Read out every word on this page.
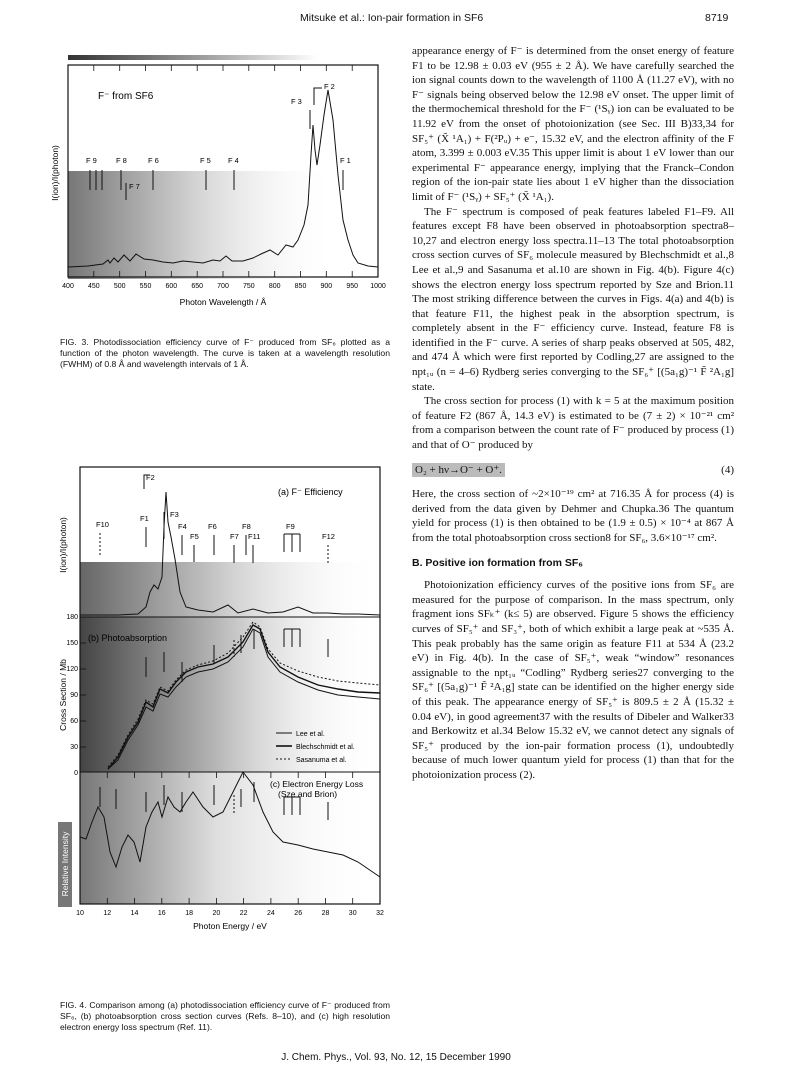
Mitsuke et al.: Ion-pair formation in SF6	8719
400 450 500 550 600 650 700 750 800 850 900 950 1000
Photon Wavelength / Å
I(ion)/I(photon)
F⁻ from SF6
F 9	F 8	F 6	F 5 F 4	F 1
F 7
F 3
F 2
FIG. 3. Photodissociation efficiency curve of F⁻ produced from SF₆ plotted as a function of the photon wavelength. The curve is taken at a wavelength resolution (FWHM) of 0.8 Å and wavelength intervals of 1 Å.
(a) F⁻ Efficiency
I(ion)/I(photon)	F10
F1	F3
F4
F5
F6
F7
F8
F11
F9
F12
F2
(b) Photoabsorption
Cross Section / Mb
180
150
120
90
60
30
0
Lee et al.
Blechschmidt et al.
Sasanuma et al.
(c) Electron Energy Loss
(Sze and Brion)
Relative Intensity
10	12	14	16	18	20	22	24	26	28	30	32
Photon Energy / eV
FIG. 4. Comparison among (a) photodissociation efficiency curve of F⁻ produced from SF₆, (b) photoabsorption cross section curves (Refs. 8–10), and (c) high resolution electron energy loss spectrum (Ref. 11).

appearance energy of F⁻ is determined from the onset energy of feature F1 to be 12.98 ± 0.03 eV (955 ± 2 Å). We have carefully searched the ion signal counts down to the wavelength of 1100 Å (11.27 eV), with no F⁻ signals being observed below the 12.98 eV onset. The upper limit of the thermochemical threshold for the F⁻ (¹Sᵧ) ion can be evaluated to be 11.92 eV from the onset of photoionization (see Sec. III B)33,34 for SF₅⁺ (X̃ ¹A₁) + F(²Pᵤ) + e⁻, 15.32 eV, and the electron affinity of the F atom, 3.399 ± 0.003 eV.35 This upper limit is about 1 eV lower than our experimental F⁻ appearance energy, implying that the Franck–Condon region of the ion-pair state lies about 1 eV higher than the dissociation limit of F⁻ (¹Sᵧ) + SF₅⁺ (X̃ ¹A₁).

The F⁻ spectrum is composed of peak features labeled F1–F9. All features except F8 have been observed in photoabsorption spectra8–10,27 and electron energy loss spectra.11–13 The total photoabsorption cross section curves of SF₆ molecule measured by Blechschmidt et al.,8 Lee et al.,9 and Sasanuma et al.10 are shown in Fig. 4(b). Figure 4(c) shows the electron energy loss spectrum reported by Sze and Brion.11 The most striking difference between the curves in Figs. 4(a) and 4(b) is that feature F11, the highest peak in the absorption spectrum, is completely absent in the F⁻ efficiency curve. Instead, feature F8 is identified in the F⁻ curve. A series of sharp peaks observed at 505, 482, and 474 Å which were first reported by Codling,27 are assigned to the npt₁ᵤ (n = 4–6) Rydberg series converging to the SF₆⁺ [(5a₁g)⁻¹ F̃ ²A₁g] state.

The cross section for process (1) with k = 5 at the maximum position of feature F2 (867 Å, 14.3 eV) is estimated to be (7 ± 2) × 10⁻²¹ cm² from a comparison between the count rate of F⁻ produced by process (1) and that of O⁻ produced by

O₂ + hν→O⁻ + O⁺.	(4)

Here, the cross section of ~2×10⁻¹⁹ cm² at 716.35 Å for process (4) is derived from the data given by Dehmer and Chupka.36 The quantum yield for process (1) is then obtained to be (1.9 ± 0.5) × 10⁻⁴ at 867 Å from the total photoabsorption cross section8 for SF₆, 3.6×10⁻¹⁷ cm².

B. Positive ion formation from SF₆

Photoionization efficiency curves of the positive ions from SF₆ are measured for the purpose of comparison. In the mass spectrum, only fragment ions SFₖ⁺ (k≤ 5) are observed. Figure 5 shows the efficiency curves of SF₅⁺ and SF₃⁺, both of which exhibit a large peak at ~535 Å. This peak probably has the same origin as feature F11 at 534 Å (23.2 eV) in Fig. 4(b). In the case of SF₅⁺, weak “window” resonances assignable to the npt₁ᵤ “Codling” Rydberg series27 converging to the SF₆⁺ [(5a₁g)⁻¹ F̃ ²A₁g] state can be identified on the higher energy side of this peak. The appearance energy of SF₅⁺ is 809.5 ± 2 Å (15.32 ± 0.04 eV), in good agreement37 with the results of Dibeler and Walker33 and Berkowitz et al.34 Below 15.32 eV, we cannot detect any signals of SF₅⁺ produced by the ion-pair formation process (1), undoubtedly because of much lower quantum yield for process (1) than that for the photoionization process (2).

J. Chem. Phys., Vol. 93, No. 12, 15 December 1990
